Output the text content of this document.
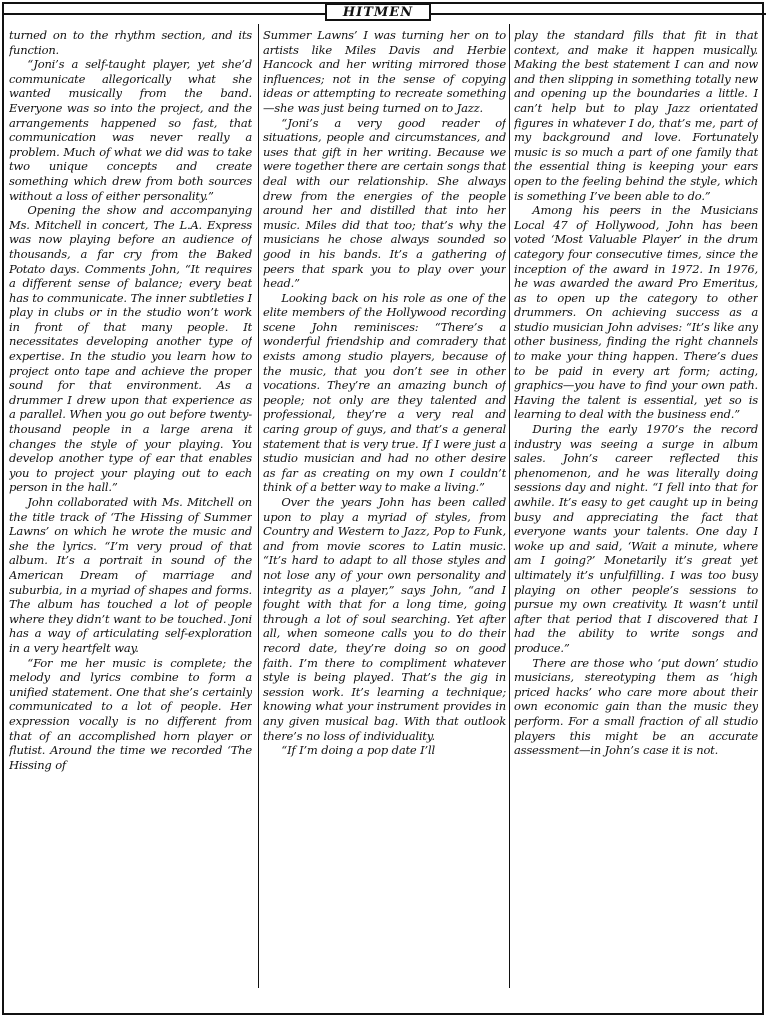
HITMEN

turned on to the rhythm section, and its function.

“Joni’s a self-taught player, yet she’d communicate allegorically what she wanted musically from the band. Everyone was so into the project, and the arrangements happened so fast, that communication was never really a problem. Much of what we did was to take two unique concepts and create something which drew from both sources without a loss of either personality.”

Opening the show and accompanying Ms. Mitchell in concert, The L.A. Express was now playing before an audience of thousands, a far cry from the Baked Potato days. Comments John, “It requires a different sense of balance; every beat has to communicate. The inner subtleties I play in clubs or in the studio won’t work in front of that many people. It necessitates developing another type of expertise. In the studio you learn how to project onto tape and achieve the proper sound for that environment. As a drummer I drew upon that experience as a parallel. When you go out before twenty-thousand people in a large arena it changes the style of your playing. You develop another type of ear that enables you to project your playing out to each person in the hall.”

John collaborated with Ms. Mitchell on the title track of ‘The Hissing of Summer Lawns’ on which he wrote the music and she the lyrics. “I’m very proud of that album. It’s a portrait in sound of the American Dream of marriage and suburbia, in a myriad of shapes and forms. The album has touched a lot of people where they didn’t want to be touched. Joni has a way of articulating self-exploration in a very heartfelt way.

“For me her music is complete; the melody and lyrics combine to form a unified statement. One that she’s certainly communicated to a lot of people. Her expression vocally is no different from that of an accomplished horn player or flutist. Around the time we recorded ‘The Hissing of

Summer Lawns’ I was turning her on to artists like Miles Davis and Herbie Hancock and her writing mirrored those influences; not in the sense of copying ideas or attempting to recreate something—she was just being turned on to Jazz.

“Joni’s a very good reader of situations, people and circumstances, and uses that gift in her writing. Because we were together there are certain songs that deal with our relationship. She always drew from the energies of the people around her and distilled that into her music. Miles did that too; that’s why the musicians he chose always sounded so good in his bands. It’s a gathering of peers that spark you to play over your head.”

Looking back on his role as one of the elite members of the Hollywood recording scene John reminisces: “There’s a wonderful friendship and comradery that exists among studio players, because of the music, that you don’t see in other vocations. They’re an amazing bunch of people; not only are they talented and professional, they’re a very real and caring group of guys, and that’s a general statement that is very true. If I were just a studio musician and had no other desire as far as creating on my own I couldn’t think of a better way to make a living.”

Over the years John has been called upon to play a myriad of styles, from Country and Western to Jazz, Pop to Funk, and from movie scores to Latin music. “It’s hard to adapt to all those styles and not lose any of your own personality and integrity as a player,” says John, “and I fought with that for a long time, going through a lot of soul searching. Yet after all, when someone calls you to do their record date, they’re doing so on good faith. I’m there to compliment whatever style is being played. That’s the gig in session work. It’s learning a technique; knowing what your instrument provides in any given musical bag. With that outlook there’s no loss of individuality.

“If I’m doing a pop date I’ll

play the standard fills that fit in that context, and make it happen musically. Making the best statement I can and now and then slipping in something totally new and opening up the boundaries a little. I can’t help but to play Jazz orientated figures in whatever I do, that’s me, part of my background and love. Fortunately music is so much a part of one family that the essential thing is keeping your ears open to the feeling behind the style, which is something I’ve been able to do.”

Among his peers in the Musicians Local 47 of Hollywood, John has been voted ‘Most Valuable Player’ in the drum category four consecutive times, since the inception of the award in 1972. In 1976, he was awarded the award Pro Emeritus, as to open up the category to other drummers. On achieving success as a studio musician John advises: “It’s like any other business, finding the right channels to make your thing happen. There’s dues to be paid in every art form; acting, graphics—you have to find your own path. Having the talent is essential, yet so is learning to deal with the business end.”

During the early 1970’s the record industry was seeing a surge in album sales. John’s career reflected this phenomenon, and he was literally doing sessions day and night. “I fell into that for awhile. It’s easy to get caught up in being busy and appreciating the fact that everyone wants your talents. One day I woke up and said, ‘Wait a minute, where am I going?’ Monetarily it’s great yet ultimately it’s unfulfilling. I was too busy playing on other people’s sessions to pursue my own creativity. It wasn’t until after that period that I discovered that I had the ability to write songs and produce.”

There are those who ‘put down’ studio musicians, stereotyping them as ‘high priced hacks’ who care more about their own economic gain than the music they perform. For a small fraction of all studio players this might be an accurate assessment—in John’s case it is not.
